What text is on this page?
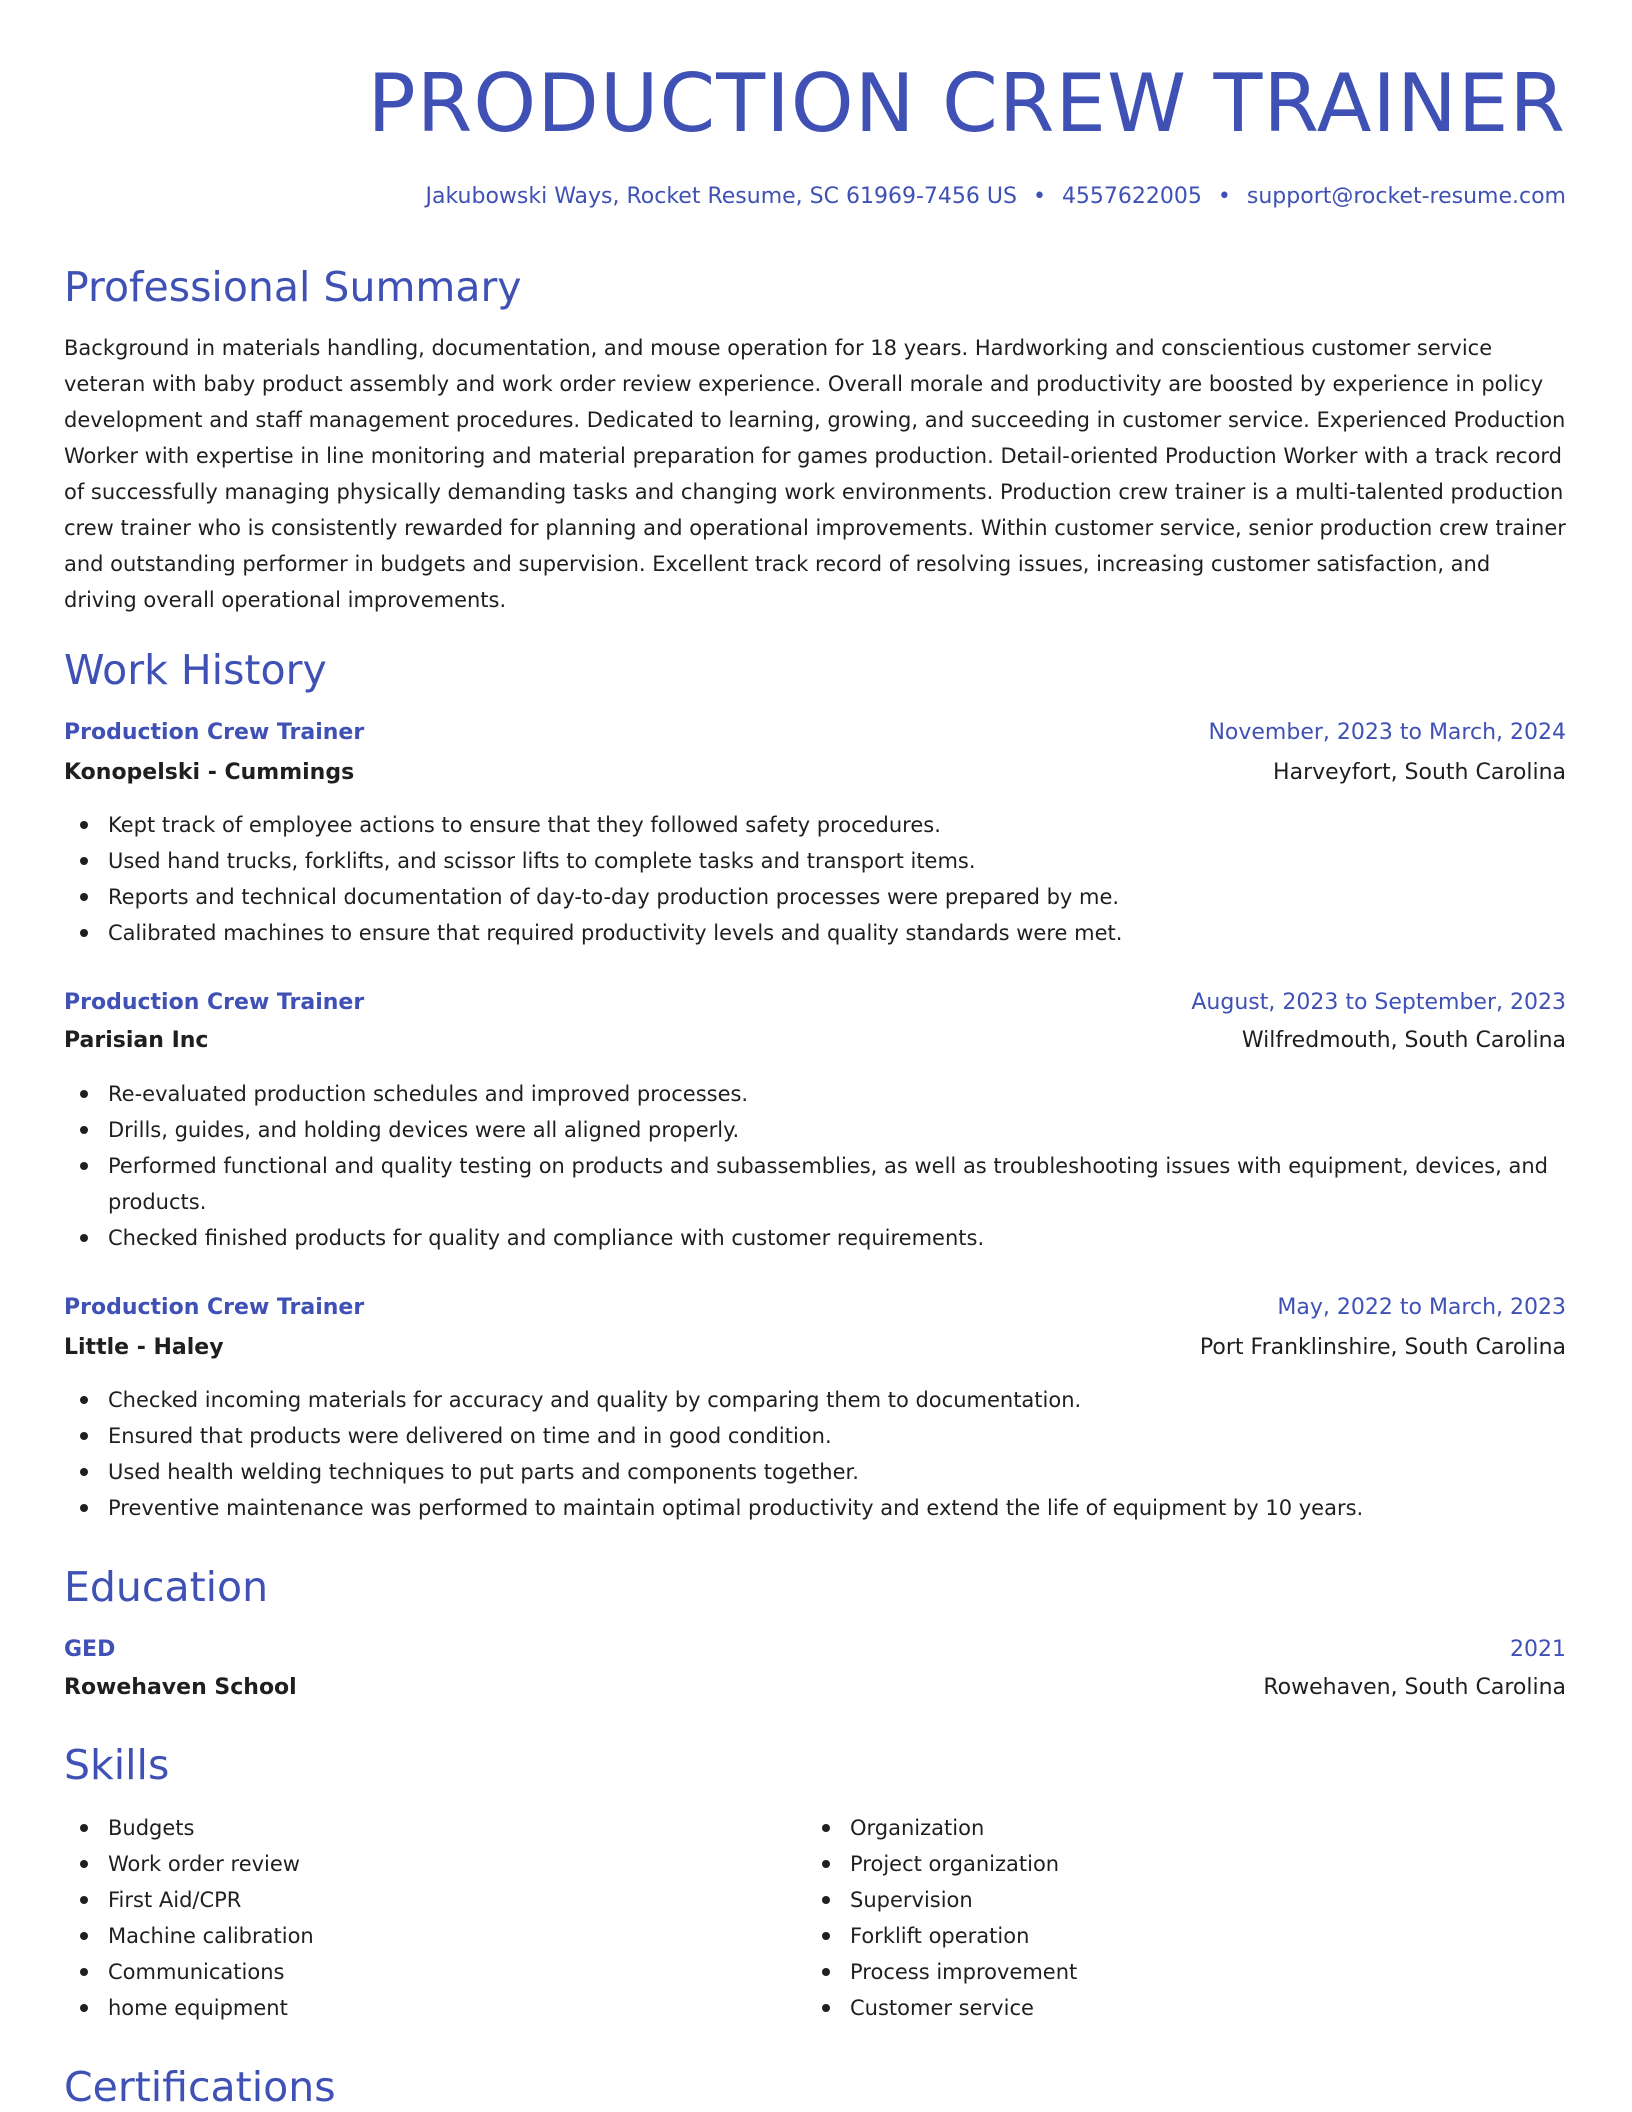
PRODUCTION CREW TRAINER
Jakubowski Ways, Rocket Resume, SC 61969-7456 US • 4557622005 • support@rocket-resume.com
Professional Summary

Background in materials handling, documentation, and mouse operation for 18 years. Hardworking and conscientious customer service veteran with baby product assembly and work order review experience. Overall morale and productivity are boosted by experience in policy development and staff management procedures. Dedicated to learning, growing, and succeeding in customer service. Experienced Production Worker with expertise in line monitoring and material preparation for games production. Detail-oriented Production Worker with a track record of successfully managing physically demanding tasks and changing work environments. Production crew trainer is a multi-talented production crew trainer who is consistently rewarded for planning and operational improvements. Within customer service, senior production crew trainer and outstanding performer in budgets and supervision. Excellent track record of resolving issues, increasing customer satisfaction, and driving overall operational improvements.

Work History
Production Crew Trainer	November, 2023 to March, 2024
Konopelski - Cummings	Harveyfort, South Carolina
Kept track of employee actions to ensure that they followed safety procedures.
Used hand trucks, forklifts, and scissor lifts to complete tasks and transport items.
Reports and technical documentation of day-to-day production processes were prepared by me.
Calibrated machines to ensure that required productivity levels and quality standards were met.
Production Crew Trainer	August, 2023 to September, 2023
Parisian Inc	Wilfredmouth, South Carolina
Re-evaluated production schedules and improved processes.
Drills, guides, and holding devices were all aligned properly.
Performed functional and quality testing on products and subassemblies, as well as troubleshooting issues with equipment, devices, and products.
Checked finished products for quality and compliance with customer requirements.
Production Crew Trainer	May, 2022 to March, 2023
Little - Haley	Port Franklinshire, South Carolina
Checked incoming materials for accuracy and quality by comparing them to documentation.
Ensured that products were delivered on time and in good condition.
Used health welding techniques to put parts and components together.
Preventive maintenance was performed to maintain optimal productivity and extend the life of equipment by 10 years.
Education
GED	2021
Rowehaven School	Rowehaven, South Carolina
Skills
Budgets
Work order review
First Aid/CPR
Machine calibration
Communications
home equipment
Organization
Project organization
Supervision
Forklift operation
Process improvement
Customer service
Certifications
